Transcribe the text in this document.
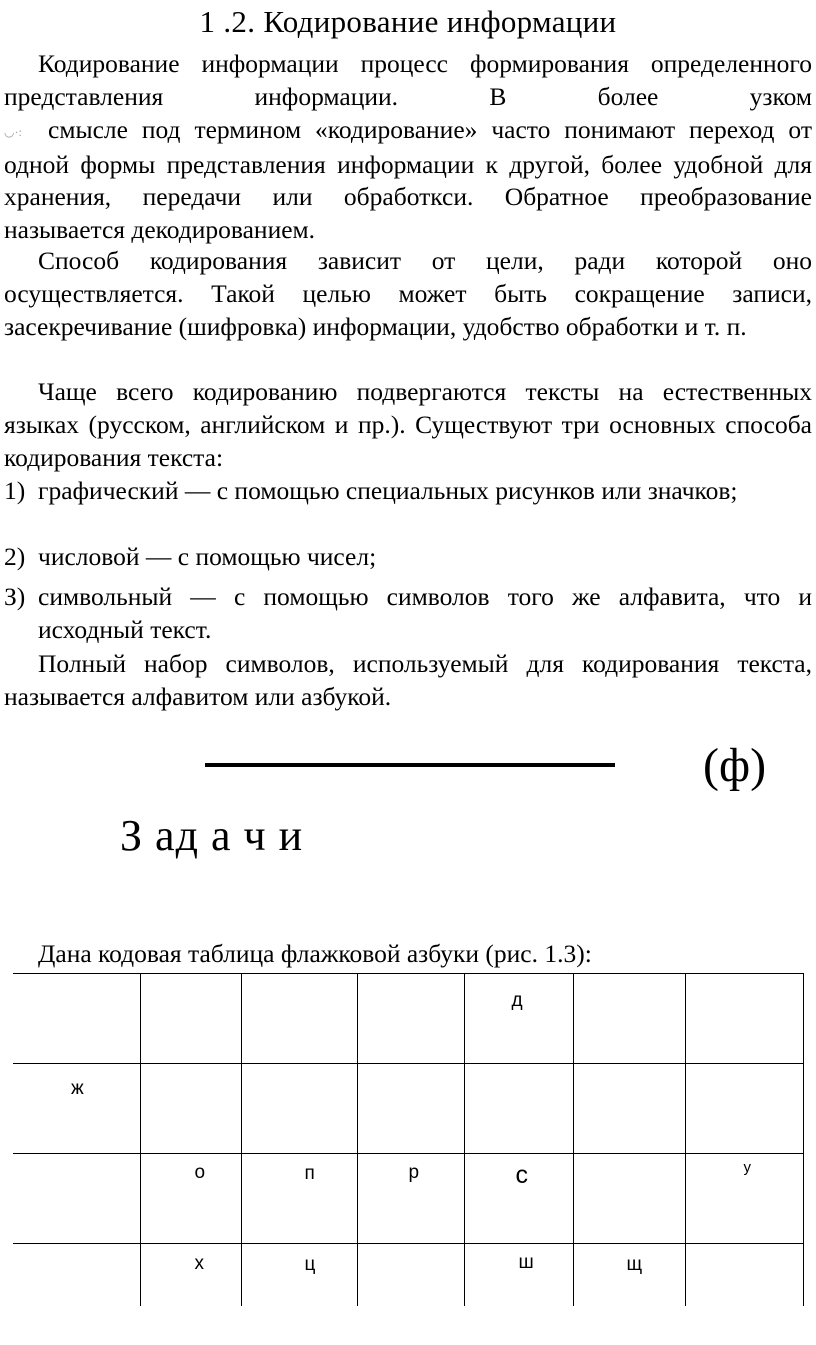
1 .2. Кодирование информации
Кодирование информации процесс формирования определенного представления информации. В более узком
◡·: смысле под термином «кодирование» часто понимают переход от одной формы представления информации к другой, более удобной для хранения, передачи или обработкси. Обратное преобразование называется декодированием.
Способ кодирования зависит от цели, ради которой оно осуществляется. Такой целью может быть сокращение записи, засекречивание (шифровка) информации, удобство обработки и т. п.
Чаще всего кодированию подвергаются тексты на естественных языках (русском, английском и пр.). Существуют три основных способа кодирования текста:
1) графический — с помощью специальных рисунков или значков;
2) числовой — с помощью чисел;
З) символьный — с помощью символов того же алфавита, что и исходный текст.
Полный набор символов, используемый для кодирования текста, называется алфавитом или азбукой.
(ф)
З ад а ч и
Дана кодовая таблица флажковой азбуки (рис. 1.3):

				д		

ж						

	о	п	р	с		у

	х	ц		ш	щ	
